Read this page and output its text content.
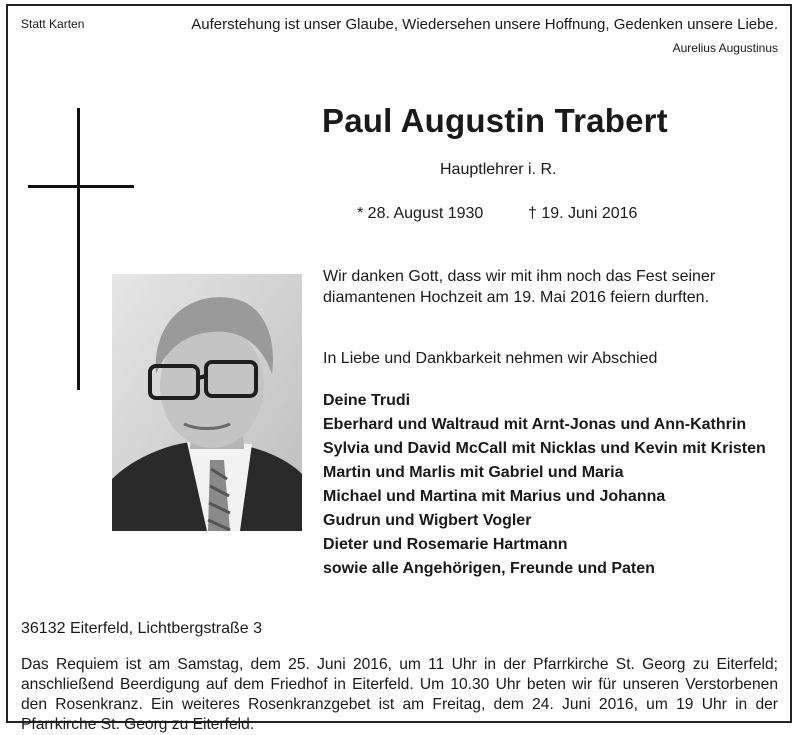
Statt Karten	Auferstehung ist unser Glaube, Wiedersehen unsere Hoffnung, Gedenken unsere Liebe.
Aurelius Augustinus
Paul Augustin Trabert
Hauptlehrer i. R.
* 28. August 1930	† 19. Juni 2016
Wir danken Gott, dass wir mit ihm noch das Fest seiner
diamantenen Hochzeit am 19. Mai 2016 feiern durften.
In Liebe und Dankbarkeit nehmen wir Abschied
Deine Trudi
Eberhard und Waltraud mit Arnt-Jonas und Ann-Kathrin
Sylvia und David McCall mit Nicklas und Kevin mit Kristen
Martin und Marlis mit Gabriel und Maria
Michael und Martina mit Marius und Johanna
Gudrun und Wigbert Vogler
Dieter und Rosemarie Hartmann
sowie alle Angehörigen, Freunde und Paten
36132 Eiterfeld, Lichtbergstraße 3
Das Requiem ist am Samstag, dem 25. Juni 2016, um 11 Uhr in der Pfarrkirche St. Georg zu Eiterfeld; anschließend Beerdigung auf dem Friedhof in Eiterfeld. Um 10.30 Uhr beten wir für unseren Verstorbenen den Rosenkranz. Ein weiteres Rosenkranzgebet ist am Freitag, dem 24. Juni 2016, um 19 Uhr in der Pfarrkirche St. Georg zu Eiterfeld.
